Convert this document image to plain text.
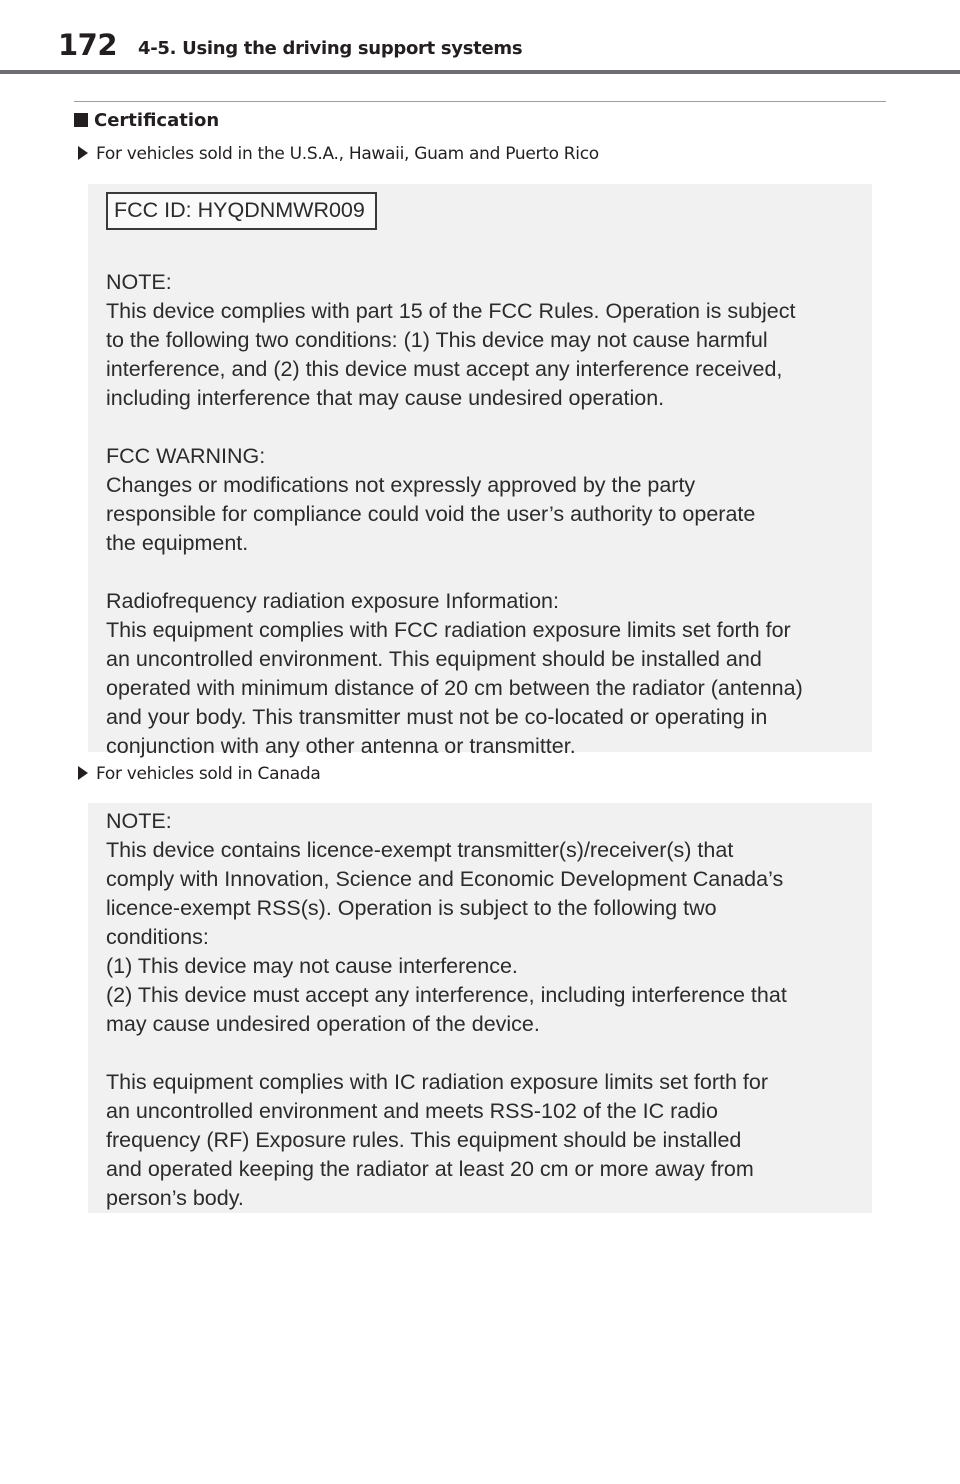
172 4-5. Using the driving support systems
Certification
For vehicles sold in the U.S.A., Hawaii, Guam and Puerto Rico
FCC ID: HYQDNMWR009

NOTE:
This device complies with part 15 of the FCC Rules. Operation is subject
to the following two conditions: (1) This device may not cause harmful
interference, and (2) this device must accept any interference received,
including interference that may cause undesired operation.

FCC WARNING:
Changes or modifications not expressly approved by the party
responsible for compliance could void the user’s authority to operate
the equipment.

Radiofrequency radiation exposure Information:
This equipment complies with FCC radiation exposure limits set forth for
an uncontrolled environment. This equipment should be installed and
operated with minimum distance of 20 cm between the radiator (antenna)
and your body. This transmitter must not be co-located or operating in
conjunction with any other antenna or transmitter.

For vehicles sold in Canada

NOTE:
This device contains licence-exempt transmitter(s)/receiver(s) that
comply with Innovation, Science and Economic Development Canada’s
licence-exempt RSS(s). Operation is subject to the following two
conditions:
(1) This device may not cause interference.
(2) This device must accept any interference, including interference that
may cause undesired operation of the device.

This equipment complies with IC radiation exposure limits set forth for
an uncontrolled environment and meets RSS-102 of the IC radio
frequency (RF) Exposure rules. This equipment should be installed
and operated keeping the radiator at least 20 cm or more away from
person’s body.
